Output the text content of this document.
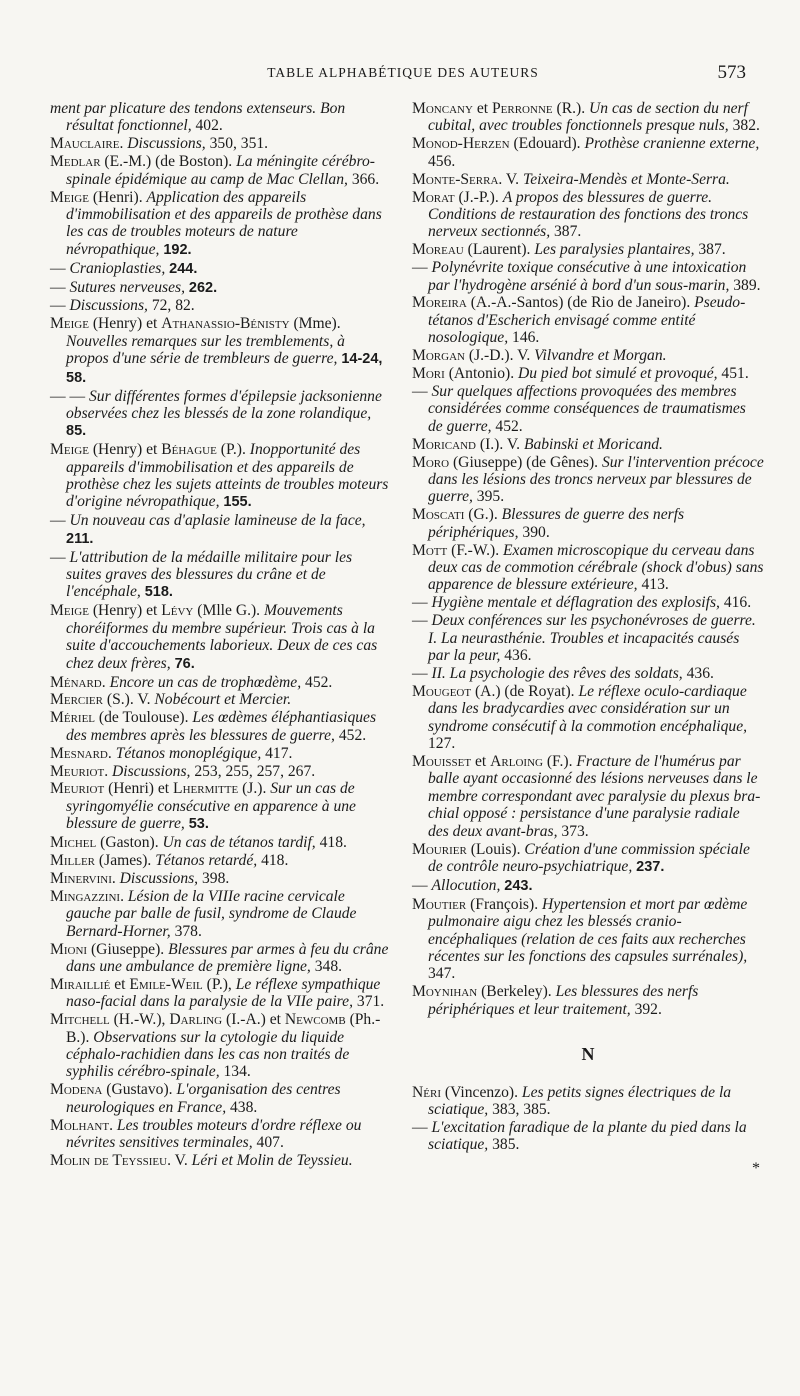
TABLE ALPHABÉTIQUE DES AUTEURS	573
ment par plicature des tendons extenseurs. Bon résultat fonctionnel, 402.
Mauclaire. Discussions, 350, 351.
Medlar (E.-M.) (de Boston). La méningite cérébro-spinale épidémique au camp de Mac Clellan, 366.
Meige (Henri). Application des appareils d'immobilisation et des appareils de prothèse dans les cas de troubles moteurs de nature névropathique, 192.
— Cranioplasties, 244.
— Sutures nerveuses, 262.
— Discussions, 72, 82.
Meige (Henry) et Athanassio-Bénisty (Mme). Nouvelles remarques sur les tremblements, à propos d'une série de trembleurs de guerre, 14-24, 58.
— — Sur différentes formes d'épilepsie jacksonienne observées chez les blessés de la zone rolandique, 85.
Meige (Henry) et Béhague (P.). Inopportunité des appareils d'immobilisation et des appareils de prothèse chez les sujets atteints de troubles moteurs d'origine névropathique, 155.
— Un nouveau cas d'aplasie lamineuse de la face, 211.
— L'attribution de la médaille militaire pour les suites graves des blessures du crâne et de l'encéphale, 518.
Meige (Henry) et Lévy (Mlle G.). Mouvements choréiformes du membre supérieur. Trois cas à la suite d'accouchements laborieux. Deux de ces cas chez deux frères, 76.
Ménard. Encore un cas de trophœdème, 452.
Mercier (S.). V. Nobécourt et Mercier.
Mériel (de Toulouse). Les œdèmes éléphantiasiques des membres après les blessures de guerre, 452.
Mesnard. Tétanos monoplégique, 417.
Meuriot. Discussions, 253, 255, 257, 267.
Meuriot (Henri) et Lhermitte (J.). Sur un cas de syringomyélie consécutive en apparence à une blessure de guerre, 53.
Michel (Gaston). Un cas de tétanos tardif, 418.
Miller (James). Tétanos retardé, 418.
Minervini. Discussions, 398.
Mingazzini. Lésion de la VIIIe racine cervicale gauche par balle de fusil, syndrome de Claude Bernard-Horner, 378.
Mioni (Giuseppe). Blessures par armes à feu du crâne dans une ambulance de première ligne, 348.
Miraillié et Emile-Weil (P.), Le réflexe sympathique naso-facial dans la paralysie de la VIIe paire, 371.
Mitchell (H.-W.), Darling (I.-A.) et Newcomb (Ph.-B.). Observations sur la cytologie du liquide céphalo-rachidien dans les cas non traités de syphilis cérébro-spinale, 134.
Modena (Gustavo). L'organisation des centres neurologiques en France, 438.
Molhant. Les troubles moteurs d'ordre réflexe ou névrites sensitives terminales, 407.
Molin de Teyssieu. V. Léri et Molin de Teyssieu.
Moncany et Perronne (R.). Un cas de section du nerf cubital, avec troubles fonctionnels presque nuls, 382.
Monod-Herzen (Edouard). Prothèse cranienne externe, 456.
Monte-Serra. V. Teixeira-Mendès et Monte-Serra.
Morat (J.-P.). A propos des blessures de guerre. Conditions de restauration des fonctions des troncs nerveux sectionnés, 387.
Moreau (Laurent). Les paralysies plantaires, 387.
— Polynévrite toxique consécutive à une intoxication par l'hydrogène arsénié à bord d'un sous-marin, 389.
Moreira (A.-A.-Santos) (de Rio de Janeiro). Pseudo-tétanos d'Escherich envisagé comme entité nosologique, 146.
Morgan (J.-D.). V. Vilvandre et Morgan.
Mori (Antonio). Du pied bot simulé et provoqué, 451.
— Sur quelques affections provoquées des membres considérées comme conséquences de traumatismes de guerre, 452.
Moricand (I.). V. Babinski et Moricand.
Moro (Giuseppe) (de Gênes). Sur l'intervention précoce dans les lésions des troncs nerveux par blessures de guerre, 395.
Moscati (G.). Blessures de guerre des nerfs périphériques, 390.
Mott (F.-W.). Examen microscopique du cerveau dans deux cas de commotion cérébrale (shock d'obus) sans apparence de blessure extérieure, 413.
— Hygiène mentale et déflagration des explosifs, 416.
— Deux conférences sur les psychonévroses de guerre. I. La neurasthénie. Troubles et incapacités causés par la peur, 436.
— II. La psychologie des rêves des soldats, 436.
Mougeot (A.) (de Royat). Le réflexe oculo-cardiaque dans les bradycardies avec considération sur un syndrome consécutif à la commotion encéphalique, 127.
Mouisset et Arloing (F.). Fracture de l'humérus par balle ayant occasionné des lésions nerveuses dans le membre correspondant avec paralysie du plexus brachial opposé : persistance d'une paralysie radiale des deux avant-bras, 373.
Mourier (Louis). Création d'une commission spéciale de contrôle neuro-psychiatrique, 237.
— Allocution, 243.
Moutier (François). Hypertension et mort par œdème pulmonaire aigu chez les blessés cranio-encéphaliques (relation de ces faits aux recherches récentes sur les fonctions des capsules surrénales), 347.
Moynihan (Berkeley). Les blessures des nerfs périphériques et leur traitement, 392.
N
Néri (Vincenzo). Les petits signes électriques de la sciatique, 383, 385.
— L'excitation faradique de la plante du pied dans la sciatique, 385.
*
